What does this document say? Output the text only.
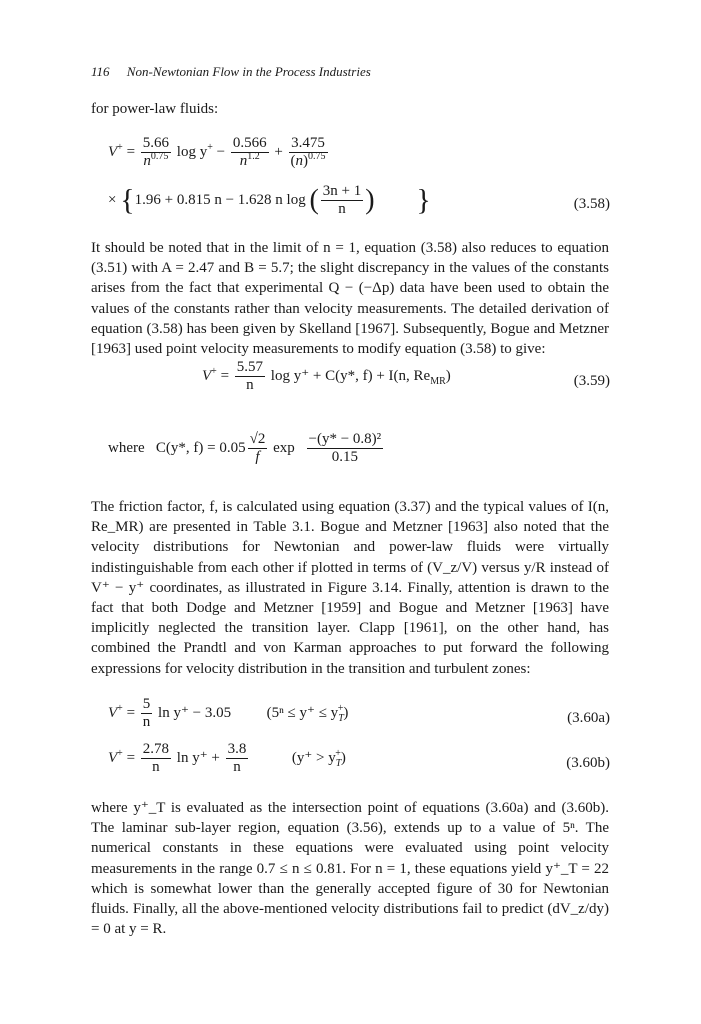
116 Non-Newtonian Flow in the Process Industries

for power-law fluids:

$V^+ = \frac{5.66}{n^{0.75}}$ $\log y^+ - \frac{0.566}{n^{1.2}} + \frac{3.475}{(n)^{0.75}}$
× {1.96 + 0.815 n − 1.628 n log ( $\frac{3n + 1}{n}$ ) }	(3.58)

It should be noted that in the limit of n = 1, equation (3.58) also reduces to equation (3.51) with A = 2.47 and B = 5.7; the slight discrepancy in the values of the constants arises from the fact that experimental Q − (−Δp) data have been used to obtain the values of the constants rather than velocity measurements. The detailed derivation of equation (3.58) has been given by Skelland [1967]. Subsequently, Bogue and Metzner [1963] used point velocity measurements to modify equation (3.58) to give:

$V^+ = \frac{5.57}{n}$ log y⁺ + C(y*, f) + I(n, $Re_{MR}$)	(3.59)
where C(y*, $f) = 0.05 \frac{√2}{f}$ $\exp \frac{\text{−(y* − 0.8)²}}{0.15}$

The friction factor, f, is calculated using equation (3.37) and the typical values of I(n, Re_MR) are presented in Table 3.1. Bogue and Metzner [1963] also noted that the velocity distributions for Newtonian and power-law fluids were virtually indistinguishable from each other if plotted in terms of (V_z/V) versus y/R instead of V⁺ − y⁺ coordinates, as illustrated in Figure 3.14. Finally, attention is drawn to the fact that both Dodge and Metzner [1959] and Bogue and Metzner [1963] have implicitly neglected the transition layer. Clapp [1961], on the other hand, has combined the Prandtl and von Karman approaches to put forward the following expressions for velocity distribution in the transition and turbulent zones:

$V^+ = \frac{5}{n}$ ln y⁺ − 3.05 $(5^n \le y^+ \le y_T^+)$	(3.60a)
$V^+ = \frac{2.78}{n}$ $\ln y^+ + \frac{3.8}{n}$	$(y^+ > y_T^+)$	(3.60b)

where y⁺_T is evaluated as the intersection point of equations (3.60a) and (3.60b). The laminar sub-layer region, equation (3.56), extends up to a value of 5ⁿ. The numerical constants in these equations were evaluated using point velocity measurements in the range 0.7 ≤ n ≤ 0.81. For n = 1, these equations yield y⁺_T = 22 which is somewhat lower than the generally accepted figure of 30 for Newtonian fluids. Finally, all the above-mentioned velocity distributions fail to predict (dV_z/dy) = 0 at y = R.
